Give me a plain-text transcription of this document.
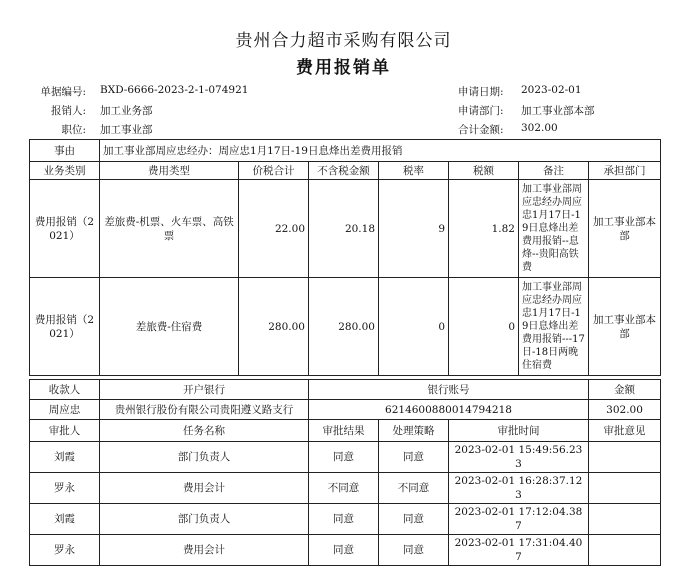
贵州合力超市采购有限公司
费用报销单
单据编号: BXD-6666-2023-2-1-074921
报销人: 加工业务部
职位: 加工事业部
申请日期: 2023-02-01
申请部门: 加工事业部本部
合计金额: 302.00
事由	加工事业部周应忠经办：周应忠1月17日-19日息烽出差费用报销						
业务类别	费用类型	价税合计	不含税金额	税率	税额	备注	承担部门
费用报销（2021）	差旅费-机票、火车票、高铁票	22.00	20.18	9	1.82	加工事业部周应忠经办周应忠1月17日-19日息烽出差费用报销--息烽--贵阳高铁费	加工事业部本部
费用报销（2021）	差旅费-住宿费	280.00	280.00	0	0	加工事业部周应忠经办周应忠1月17日-19日息烽出差费用报销---17日-18日两晚住宿费	加工事业部本部

收款人	开户银行		银行账号				金额
周应忠	贵州银行股份有限公司贵阳遵义路支行		6214600880014794218				302.00
审批人	任务名称		审批结果	处理策略	审批时间		审批意见
刘霞	部门负责人		同意	同意	2023-02-01 15:49:56.233		
罗永	费用会计		不同意	不同意	2023-02-01 16:28:37.123		
刘霞	部门负责人		同意	同意	2023-02-01 17:12:04.387		
罗永	费用会计		同意	同意	2023-02-01 17:31:04.407		
